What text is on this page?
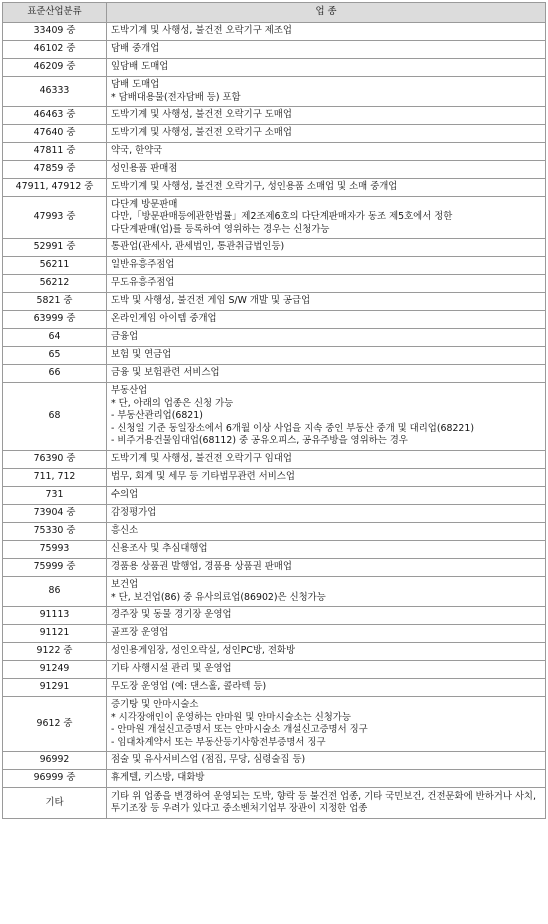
표준산업분류	업 종
33409 중	도박기계 및 사행성, 불건전 오락기구 제조업

46102 중	담배 중개업

46209 중	잎담배 도매업

46333	담배 도매업
* 담배대용물(전자담배 등) 포함

46463 중	도박기계 및 사행성, 불건전 오락기구 도매업

47640 중	도박기계 및 사행성, 불건전 오락기구 소매업

47811 중	약국, 한약국

47859 중	성인용품 판매점

47911, 47912 중	도박기계 및 사행성, 불건전 오락기구, 성인용품 소매업 및 소매 중개업

47993 중	다단계 방문판매
다만,「방문판매등에관한법률」제2조제6호의 다단계판매자가 동조 제5호에서 정한
다단계판매(업)를 등록하여 영위하는 경우는 신청가능

52991 중	통관업(관세사, 관세법인, 통관취급법인등)

56211	일반유흥주점업

56212	무도유흥주점업

5821 중	도박 및 사행성, 불건전 게임 S/W 개발 및 공급업

63999 중	온라인게임 아이템 중개업

64	금융업

65	보험 및 연금업

66	금융 및 보험관련 서비스업

68	부동산업
* 단, 아래의 업종은 신청 가능
- 부동산관리업(6821)
- 신청일 기준 동일장소에서 6개월 이상 사업을 지속 중인 부동산 중개 및 대리업(68221)
- 비주거용건물임대업(68112) 중 공유오피스, 공유주방을 영위하는 경우

76390 중	도박기계 및 사행성, 불건전 오락기구 임대업

711, 712	법무, 회계 및 세무 등 기타법무관련 서비스업

731	수의업

73904 중	감정평가업

75330 중	흥신소

75993	신용조사 및 추심대행업

75999 중	경품용 상품권 발행업, 경품용 상품권 판매업

86	보건업
* 단, 보건업(86) 중 유사의료업(86902)은 신청가능

91113	경주장 및 동물 경기장 운영업

91121	골프장 운영업

9122 중	성인용게임장, 성인오락실, 성인PC방, 전화방

91249	기타 사행시설 관리 및 운영업

91291	무도장 운영업 (예: 댄스홀, 콜라텍 등)

9612 중	증기탕 및 안마시술소
* 시각장애인이 운영하는 안마원 및 안마시술소는 신청가능
- 안마원 개설신고증명서 또는 안마시술소 개설신고증명서 징구
- 임대차계약서 또는 부동산등기사항전부증명서 징구

96992	점술 및 유사서비스업 (점집, 무당, 심령술집 등)

96999 중	휴게텔, 키스방, 대화방

기타	기타 위 업종을 변경하여 운영되는 도박, 향락 등 불건전 업종, 기타 국민보건, 건전문화에 반하거나 사치, 투기조장 등 우려가 있다고 중소벤처기업부 장관이 지정한 업종
